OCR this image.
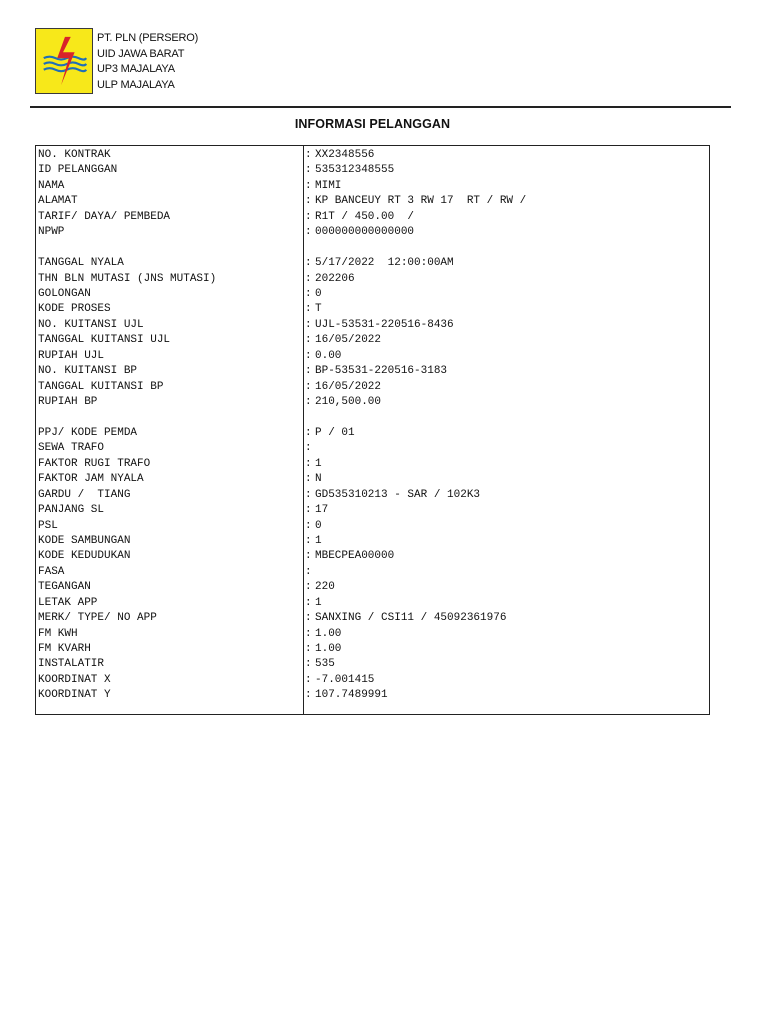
PT. PLN (PERSERO)
UID JAWA BARAT
UP3 MAJALAYA
ULP MAJALAYA
INFORMASI PELANGGAN
NO. KONTRAK
ID PELANGGAN
NAMA
ALAMAT
TARIF/ DAYA/ PEMBEDA
NPWP
TANGGAL NYALA
THN BLN MUTASI (JNS MUTASI)
GOLONGAN
KODE PROSES
NO. KUITANSI UJL
TANGGAL KUITANSI UJL
RUPIAH UJL
NO. KUITANSI BP
TANGGAL KUITANSI BP
RUPIAH BP
PPJ/ KODE PEMDA
SEWA TRAFO
FAKTOR RUGI TRAFO
FAKTOR JAM NYALA
GARDU /  TIANG
PANJANG SL
PSL
KODE SAMBUNGAN
KODE KEDUDUKAN
FASA
TEGANGAN
LETAK APP
MERK/ TYPE/ NO APP
FM KWH
FM KVARH
INSTALATIR
KOORDINAT X
KOORDINAT Y
: XX2348556
: 535312348555
: MIMI
: KP BANCEUY RT 3 RW 17  RT / RW /
: R1T / 450.00  /
: 000000000000000
: 5/17/2022  12:00:00AM
: 202206
: 0
: T
: UJL-53531-220516-8436
: 16/05/2022
: 0.00
: BP-53531-220516-3183
: 16/05/2022
: 210,500.00
: P / 01
:
: 1
: N
: GD535310213 - SAR / 102K3
: 17
: 0
: 1
: MBECPEA00000
:
: 220
: 1
: SANXING / CSI11 / 45092361976
: 1.00
: 1.00
: 535
: -7.001415
: 107.7489991
